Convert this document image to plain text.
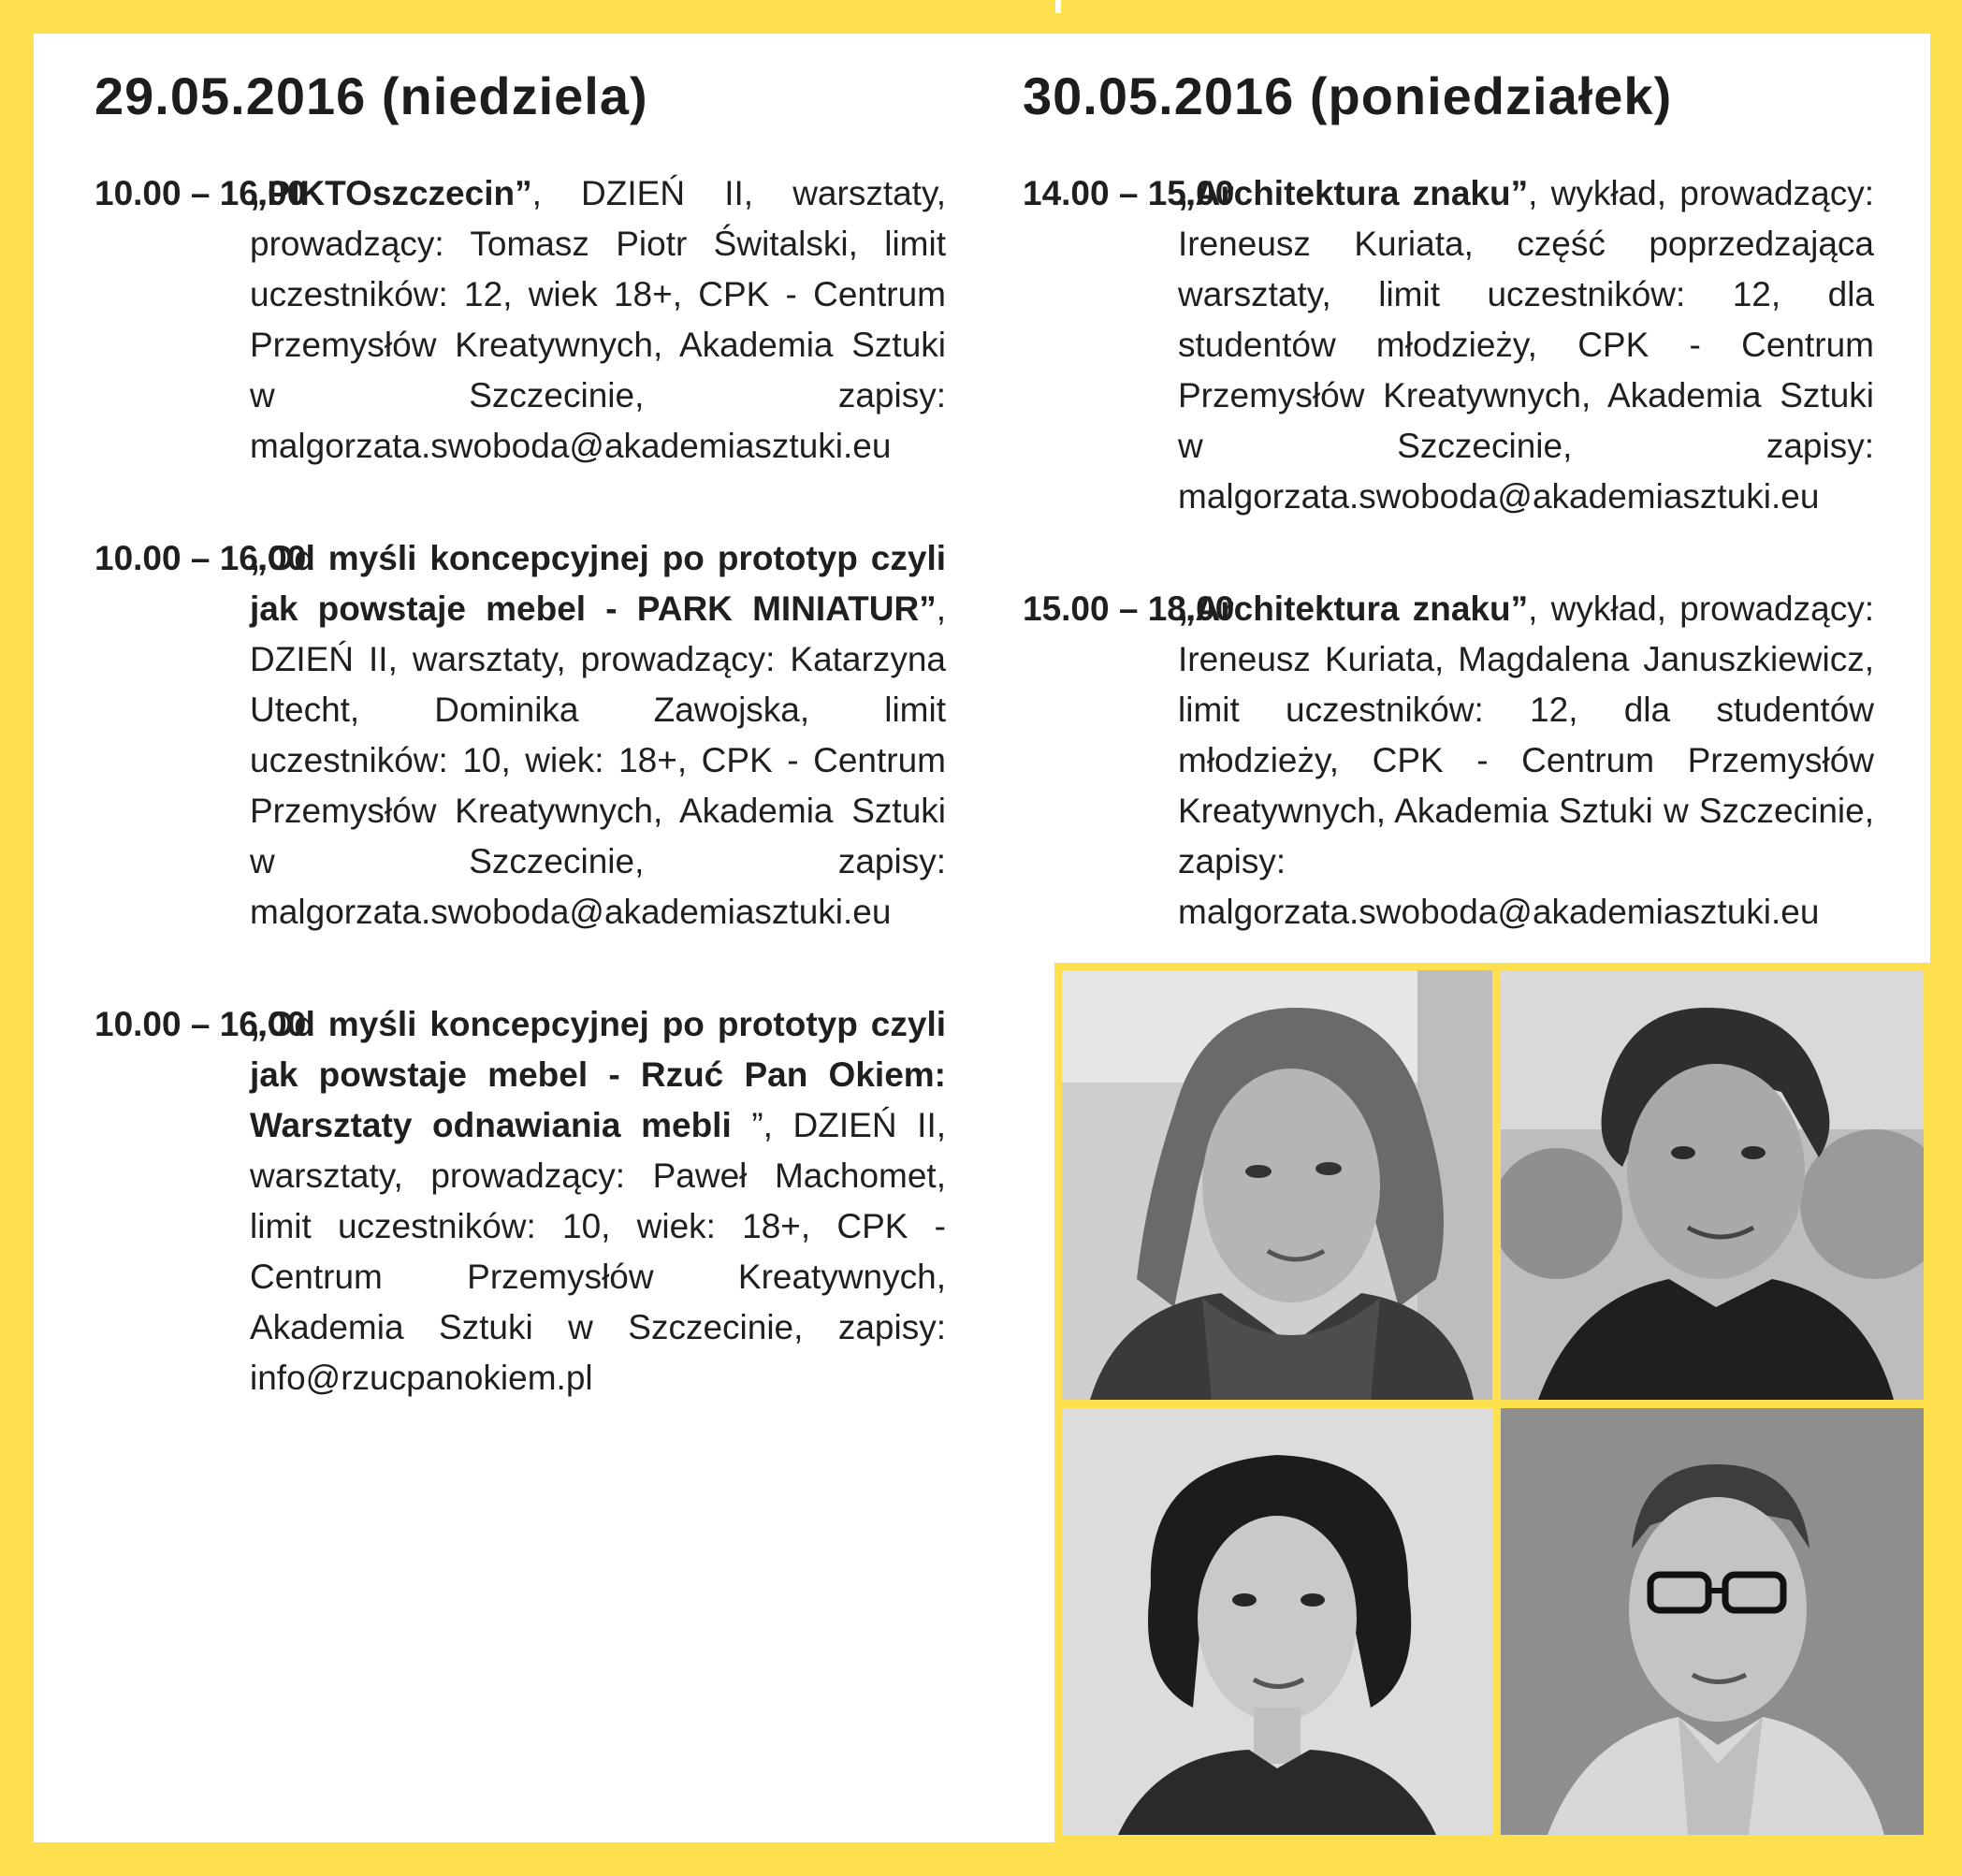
29.05.2016 (niedziela)
10.00 – 16.00
„PIKTOszczecin”, DZIEŃ II, warsztaty, prowadzący: Tomasz Piotr Świtalski, limit uczestników: 12, wiek 18+, CPK - Centrum Przemysłów Kreatywnych, Akademia Sztuki w Szczecinie, zapisy: malgorzata.swoboda@akademiasztuki.eu
10.00 – 16.00
„Od myśli koncepcyjnej po prototyp czyli jak powstaje mebel - PARK MINIATUR”, DZIEŃ II, warsztaty, prowadzący: Katarzyna Utecht, Dominika Zawojska, limit uczestników: 10, wiek: 18+, CPK - Centrum Przemysłów Kreatywnych, Akademia Sztuki w Szczecinie, zapisy: malgorzata.swoboda@akademiasztuki.eu
10.00 – 16.00
„Od myśli koncepcyjnej po prototyp czyli jak powstaje mebel - Rzuć Pan Okiem: Warsztaty odnawiania mebli ”, DZIEŃ II, warsztaty, prowadzący: Paweł Machomet, limit uczestników: 10, wiek: 18+, CPK - Centrum Przemysłów Kreatywnych, Akademia Sztuki w Szczecinie, zapisy: info@rzucpanokiem.pl
30.05.2016 (poniedziałek)
14.00 – 15.00
„Architektura znaku”, wykład, prowadzący: Ireneusz Kuriata, część poprzedzająca warsztaty, limit uczestników: 12, dla studentów młodzieży, CPK - Centrum Przemysłów Kreatywnych, Akademia Sztuki w Szczecinie, zapisy: malgorzata.swoboda@akademiasztuki.eu
15.00 – 18.00
„Architektura znaku”, wykład, prowadzący: Ireneusz Kuriata, Magdalena Januszkiewicz, limit uczestników: 12, dla studentów młodzieży, CPK - Centrum Przemysłów Kreatywnych, Akademia Sztuki w Szczecinie, zapisy: malgorzata.swoboda@akademiasztuki.eu
